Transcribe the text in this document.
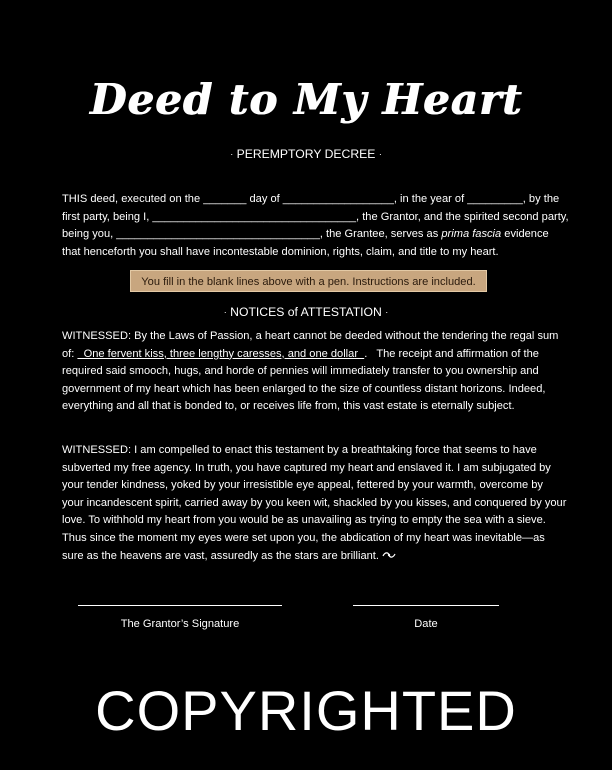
Deed to My Heart
· PEREMPTORY DECREE ·
THIS deed, executed on the _______ day of __________________, in the year of _________, by the
first party, being I, _________________________________, the Grantor, and the spirited second party,
being you, _________________________________, the Grantee, serves as prima fascia evidence
that henceforth you shall have incontestable dominion, rights, claim, and title to my heart.
You fill in the blank lines above with a pen. Instructions are included.
· NOTICES of ATTESTATION ·
WITNESSED: By the Laws of Passion, a heart cannot be deeded without the tendering the regal sum
of:   One fervent kiss, three lengthy caresses, and one dollar  .   The receipt and affirmation of the
required said smooch, hugs, and horde of pennies will immediately transfer to you ownership and
government of my heart which has been enlarged to the size of countless distant horizons. Indeed,
everything and all that is bonded to, or receives life from, this vast estate is eternally subject.
WITNESSED: I am compelled to enact this testament by a breathtaking force that seems to have
subverted my free agency. In truth, you have captured my heart and enslaved it. I am subjugated by
your tender kindness, yoked by your irresistible eye appeal, fettered by your warmth, overcome by
your incandescent spirit, carried away by you keen wit, shackled by you kisses, and conquered by your
love. To withhold my heart from you would be as unavailing as trying to empty the sea with a sieve.
Thus since the moment my eyes were set upon you, the abdication of my heart was inevitable—as
sure as the heavens are vast, assuredly as the stars are brilliant.
The Grantor’s Signature	Date
COPYRIGHTED
